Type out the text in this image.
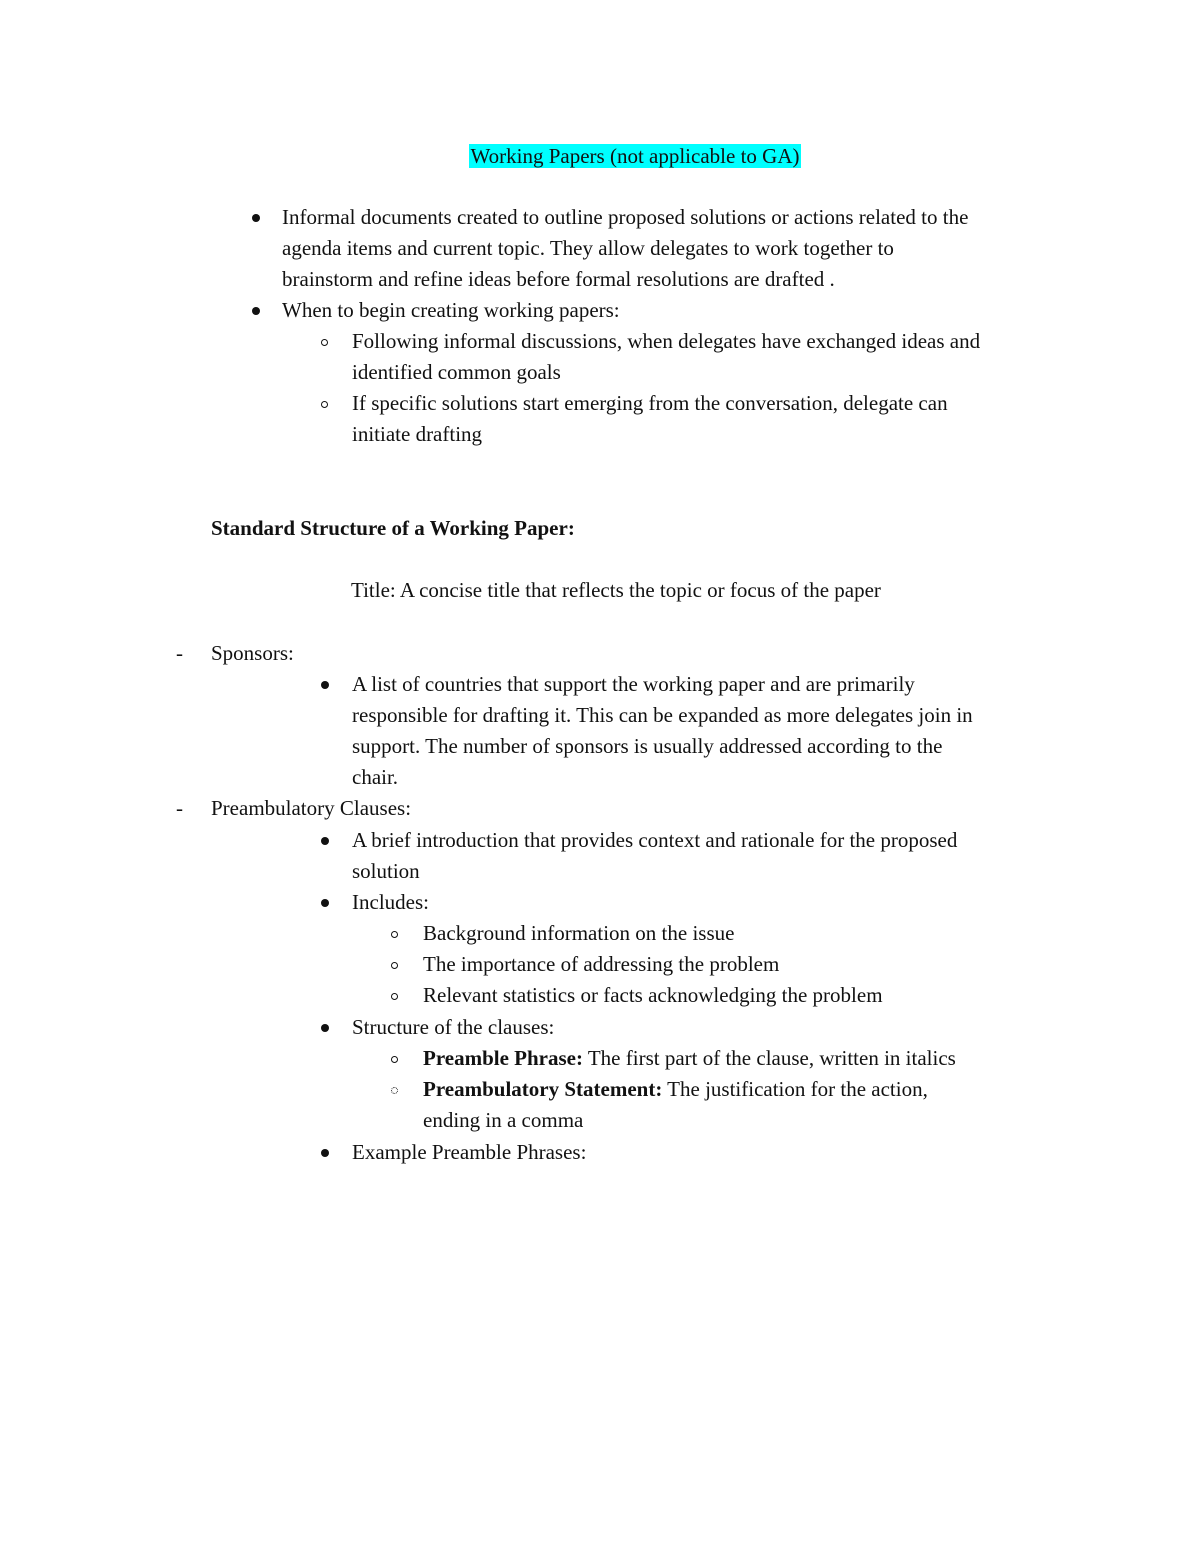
Working Papers (not applicable to GA)
Informal documents created to outline proposed solutions or actions related to the
agenda items and current topic. They allow delegates to work together to
brainstorm and refine ideas before formal resolutions are drafted .
When to begin creating working papers:
Following informal discussions, when delegates have exchanged ideas and
identified common goals
If specific solutions start emerging from the conversation, delegate can
initiate drafting
Standard Structure of a Working Paper:
Title: A concise title that reflects the topic or focus of the paper
- Sponsors:
A list of countries that support the working paper and are primarily
responsible for drafting it. This can be expanded as more delegates join in
support. The number of sponsors is usually addressed according to the
chair.
- Preambulatory Clauses:
A brief introduction that provides context and rationale for the proposed
solution
Includes:
Background information on the issue
The importance of addressing the problem
Relevant statistics or facts acknowledging the problem
Structure of the clauses:
Preamble Phrase: The first part of the clause, written in italics
Preambulatory Statement: The justification for the action,
ending in a comma
Example Preamble Phrases:
